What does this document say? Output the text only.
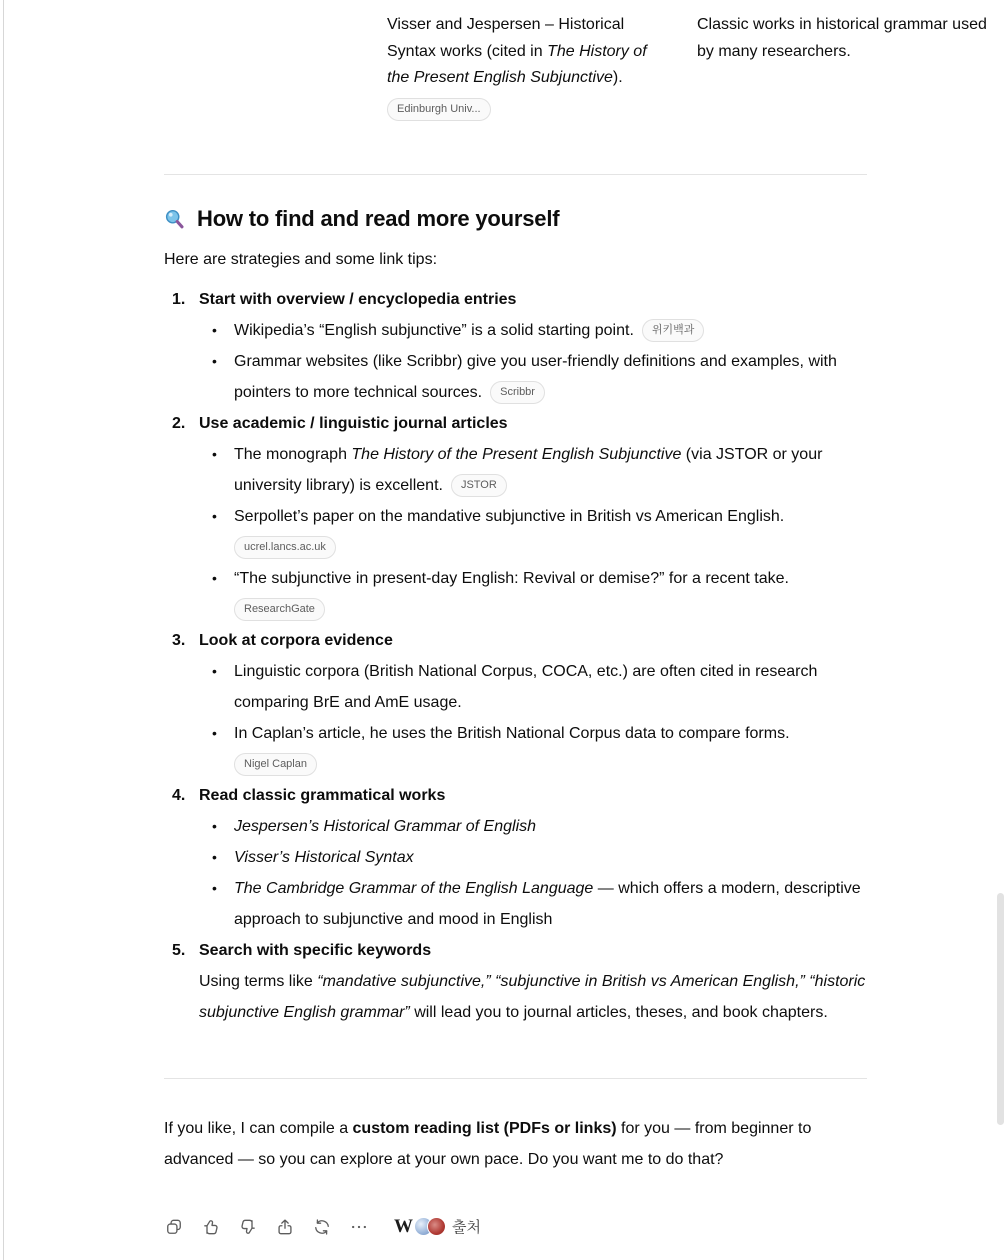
Visser and Jespersen – Historical Syntax works (cited in The History of the Present English Subjunctive).
Edinburgh Univ...
Classic works in historical grammar used by many researchers.
How to find and read more yourself

Here are strategies and some link tips:

1. Start with overview / encyclopedia entries
• Wikipedia’s “English subjunctive” is a solid starting point. 위키백과
• Grammar websites (like Scribbr) give you user-friendly definitions and examples, with pointers to more technical sources. Scribbr
2. Use academic / linguistic journal articles
• The monograph The History of the Present English Subjunctive (via JSTOR or your university library) is excellent. JSTOR
• Serpollet’s paper on the mandative subjunctive in British vs American English.
ucrel.lancs.ac.uk
• “The subjunctive in present-day English: Revival or demise?” for a recent take.
ResearchGate
3. Look at corpora evidence
• Linguistic corpora (British National Corpus, COCA, etc.) are often cited in research comparing BrE and AmE usage.
• In Caplan’s article, he uses the British National Corpus data to compare forms.
Nigel Caplan
4. Read classic grammatical works
• Jespersen’s Historical Grammar of English
• Visser’s Historical Syntax
• The Cambridge Grammar of the English Language — which offers a modern, descriptive approach to subjunctive and mood in English
5. Search with specific keywords
Using terms like “mandative subjunctive,” “subjunctive in British vs American English,” “historic subjunctive English grammar” will lead you to journal articles, theses, and book chapters.

If you like, I can compile a custom reading list (PDFs or links) for you — from beginner to advanced — so you can explore at your own pace. Do you want me to do that?

W	출처
